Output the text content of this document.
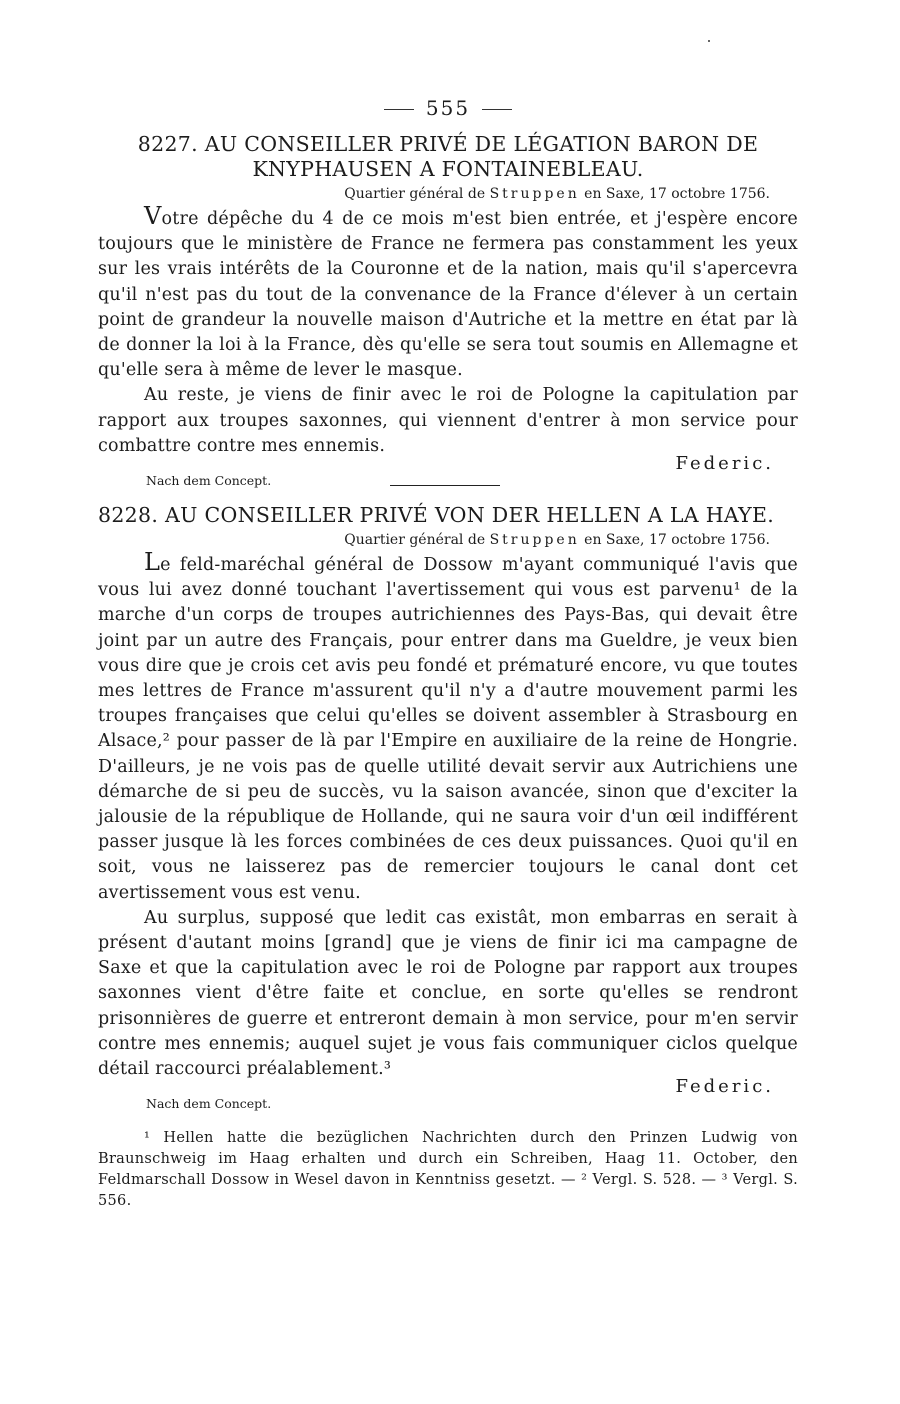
555
8227. AU CONSEILLER PRIVÉ DE LÉGATION BARON DE KNYPHAUSEN A FONTAINEBLEAU.
Quartier général de Struppen en Saxe, 17 octobre 1756.

Votre dépêche du 4 de ce mois m'est bien entrée, et j'espère encore toujours que le ministère de France ne fermera pas constamment les yeux sur les vrais intérêts de la Couronne et de la nation, mais qu'il s'apercevra qu'il n'est pas du tout de la convenance de la France d'élever à un certain point de grandeur la nouvelle maison d'Autriche et la mettre en état par là de donner la loi à la France, dès qu'elle se sera tout soumis en Allemagne et qu'elle sera à même de lever le masque.

Au reste, je viens de finir avec le roi de Pologne la capitulation par rapport aux troupes saxonnes, qui viennent d'entrer à mon service pour combattre contre mes ennemis.

Federic.
Nach dem Concept.
8228. AU CONSEILLER PRIVÉ VON DER HELLEN A LA HAYE.
Quartier général de Struppen en Saxe, 17 octobre 1756.

Le feld-maréchal général de Dossow m'ayant communiqué l'avis que vous lui avez donné touchant l'avertissement qui vous est parvenu¹ de la marche d'un corps de troupes autrichiennes des Pays-Bas, qui devait être joint par un autre des Français, pour entrer dans ma Gueldre, je veux bien vous dire que je crois cet avis peu fondé et prématuré encore, vu que toutes mes lettres de France m'assurent qu'il n'y a d'autre mouvement parmi les troupes françaises que celui qu'elles se doivent assembler à Strasbourg en Alsace,² pour passer de là par l'Empire en auxiliaire de la reine de Hongrie. D'ailleurs, je ne vois pas de quelle utilité devait servir aux Autrichiens une démarche de si peu de succès, vu la saison avancée, sinon que d'exciter la jalousie de la république de Hollande, qui ne saura voir d'un œil indifférent passer jusque là les forces combinées de ces deux puissances. Quoi qu'il en soit, vous ne laisserez pas de remercier toujours le canal dont cet avertissement vous est venu.

Au surplus, supposé que ledit cas existât, mon embarras en serait à présent d'autant moins [grand] que je viens de finir ici ma campagne de Saxe et que la capitulation avec le roi de Pologne par rapport aux troupes saxonnes vient d'être faite et conclue, en sorte qu'elles se rendront prisonnières de guerre et entreront demain à mon service, pour m'en servir contre mes ennemis; auquel sujet je vous fais communiquer ciclos quelque détail raccourci préalablement.³

Federic.
Nach dem Concept.
¹ Hellen hatte die bezüglichen Nachrichten durch den Prinzen Ludwig von Braunschweig im Haag erhalten und durch ein Schreiben, Haag 11. October, den Feldmarschall Dossow in Wesel davon in Kenntniss gesetzt. — ² Vergl. S. 528. — ³ Vergl. S. 556.
